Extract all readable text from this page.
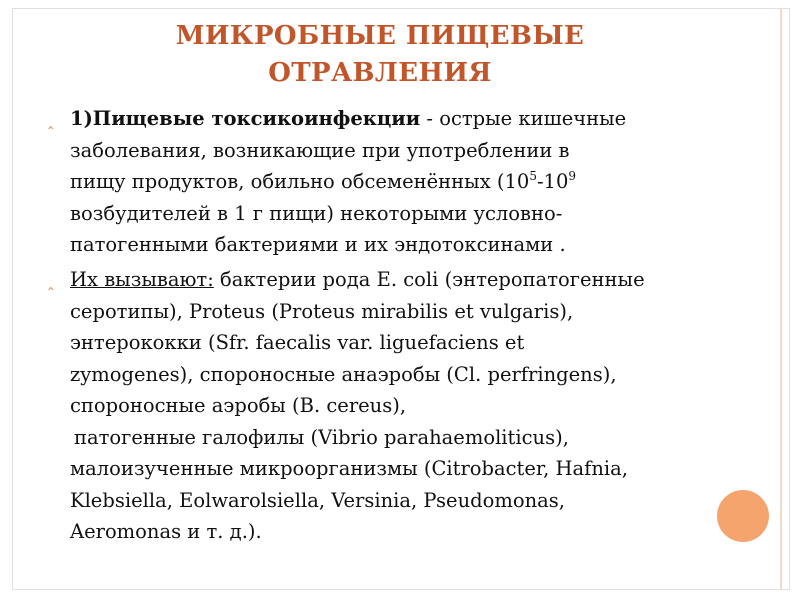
МИКРОБНЫЕ ПИЩЕВЫЕ
ОТРАВЛЕНИЯ
‸ 1)Пищевые токсикоинфекции - острые кишечные
заболевания, возникающие при употреблении в
пищу продуктов, обильно обсеменённых ($10^5-10^9$
возбудителей в 1 г пищи) некоторыми условно-
патогенными бактериями и их эндотоксинами .
‸ Их вызывают: бактерии рода E. coli (энтеропатогенные
серотипы), Proteus (Proteus mirabilis et vulgaris),
энтерококки (Sfr. faecalis var. liguefaciens et
zymogenes), спороносные анаэробы (Cl. perfringens),
спороносные аэробы (B. cereus),
патогенные галофилы (Vibrio parahaemoliticus),
малоизученные микроорганизмы (Citrobacter, Hafnia,
Klebsiella, Eolwarolsiella, Versinia, Pseudomonas,
Aeromonas и т. д.).
